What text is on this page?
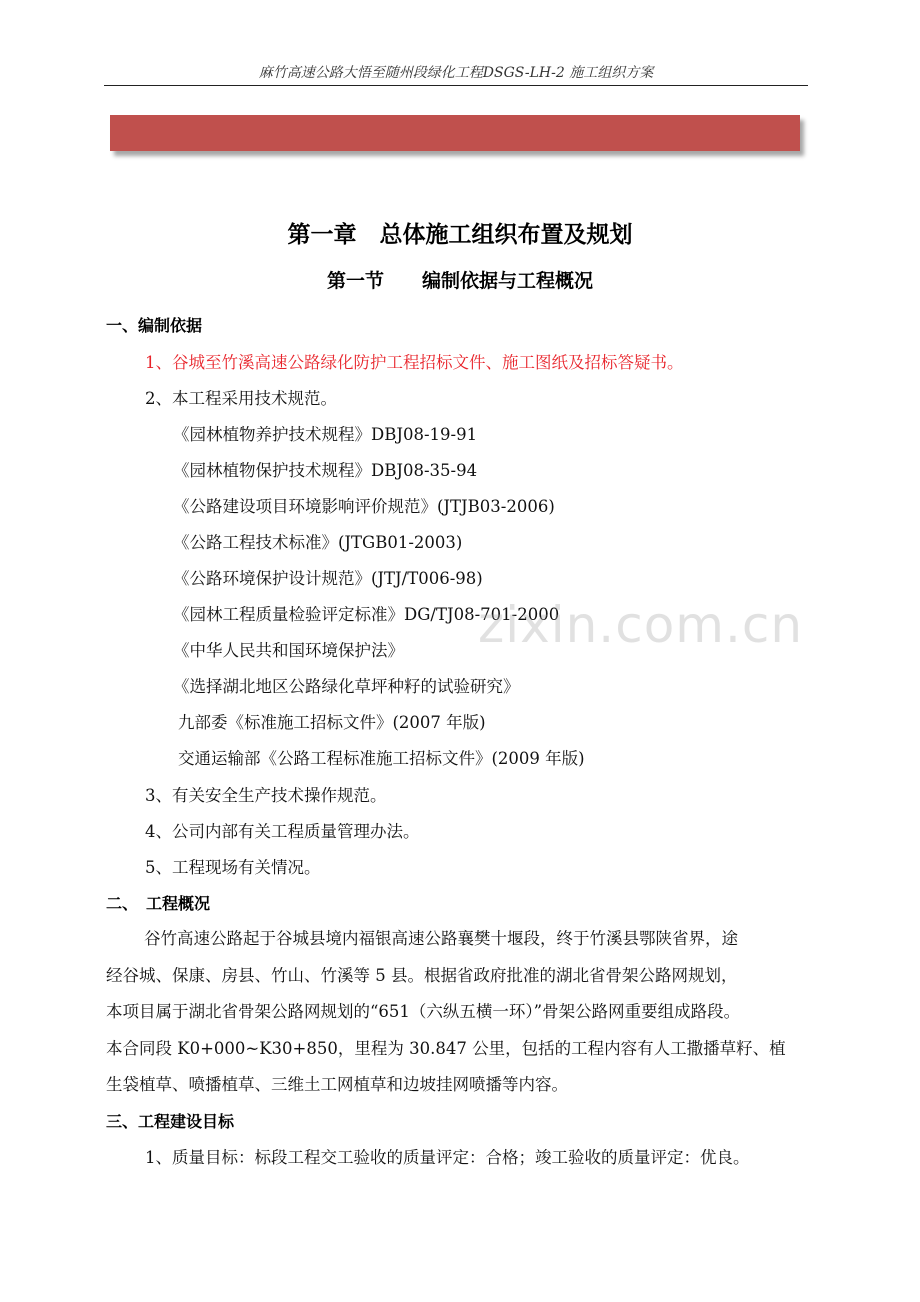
麻竹高速公路大悟至随州段绿化工程DSGS-LH-2 施工组织方案
第一章　总体施工组织布置及规划
第一节　　编制依据与工程概况
一、编制依据
1、谷城至竹溪高速公路绿化防护工程招标文件、施工图纸及招标答疑书。
2、本工程采用技术规范。
《园林植物养护技术规程》DBJ08-19-91
《园林植物保护技术规程》DBJ08-35-94
《公路建设项目环境影响评价规范》(JTJB03-2006)
《公路工程技术标准》(JTGB01-2003)
《公路环境保护设计规范》(JTJ/T006-98)
《园林工程质量检验评定标准》DG/TJ08-701-2000
《中华人民共和国环境保护法》
《选择湖北地区公路绿化草坪种籽的试验研究》
九部委《标准施工招标文件》(2007 年版)
交通运输部《公路工程标准施工招标文件》(2009 年版)
3、有关安全生产技术操作规范。
4、公司内部有关工程质量管理办法。
5、工程现场有关情况。
二、　工程概况
谷竹高速公路起于谷城县境内福银高速公路襄樊十堰段，终于竹溪县鄂陕省界，途
经谷城、保康、房县、竹山、竹溪等 5 县。根据省政府批准的湖北省骨架公路网规划，
本项目属于湖北省骨架公路网规划的“651（六纵五横一环）”骨架公路网重要组成路段。
本合同段 K0+000~K30+850，里程为 30.847 公里，包括的工程内容有人工撒播草籽、植
生袋植草、喷播植草、三维土工网植草和边坡挂网喷播等内容。
三、工程建设目标
1、质量目标：标段工程交工验收的质量评定：合格；竣工验收的质量评定：优良。
zixin.com.cn
